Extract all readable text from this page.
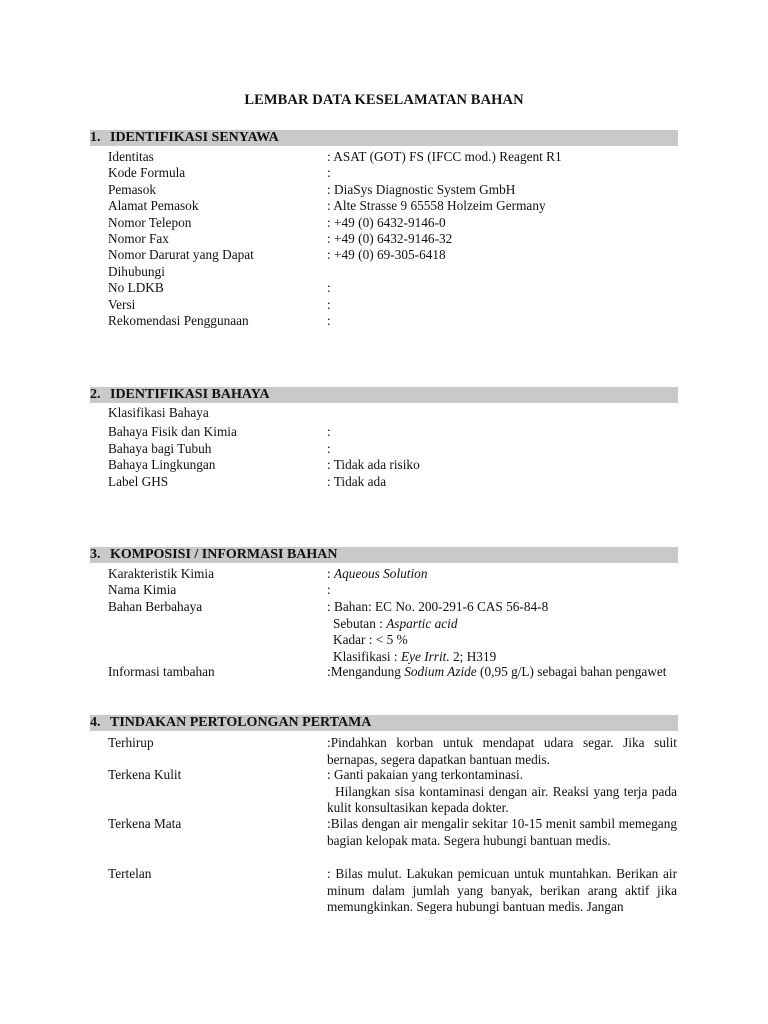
LEMBAR DATA KESELAMATAN BAHAN
1. IDENTIFIKASI SENYAWA
Identitas	: ASAT (GOT) FS (IFCC mod.) Reagent R1
Kode Formula	:
Pemasok	: DiaSys Diagnostic System GmbH
Alamat Pemasok	: Alte Strasse 9 65558 Holzeim Germany
Nomor Telepon	: +49 (0) 6432-9146-0
Nomor Fax	: +49 (0) 6432-9146-32
Nomor Darurat yang Dapat	: +49 (0) 69-305-6418
Dihubungi
No LDKB	:
Versi	:
Rekomendasi Penggunaan	:
2. IDENTIFIKASI BAHAYA
Klasifikasi Bahaya
Bahaya Fisik dan Kimia	:
Bahaya bagi Tubuh	:
Bahaya Lingkungan	: Tidak ada risiko
Label GHS	: Tidak ada
3. KOMPOSISI / INFORMASI BAHAN
Karakteristik Kimia	: Aqueous Solution
Nama Kimia	:
Bahan Berbahaya	: Bahan: EC No. 200-291-6 CAS 56-84-8
Sebutan : Aspartic acid
Kadar : < 5 %
Klasifikasi : Eye Irrit. 2; H319
Informasi tambahan	:Mengandung Sodium Azide (0,95 g/L) sebagai bahan pengawet
4. TINDAKAN PERTOLONGAN PERTAMA
Terhirup	:Pindahkan korban untuk mendapat udara segar. Jika sulit bernapas, segera dapatkan bantuan medis.
Terkena Kulit	: Ganti pakaian yang terkontaminasi.
Hilangkan sisa kontaminasi dengan air. Reaksi yang terja pada kulit konsultasikan kepada dokter.
Terkena Mata	:Bilas dengan air mengalir sekitar 10-15 menit sambil memegang bagian kelopak mata. Segera hubungi bantuan medis.
Tertelan	: Bilas mulut. Lakukan pemicuan untuk muntahkan. Berikan air minum dalam jumlah yang banyak, berikan arang aktif jika memungkinkan. Segera hubungi bantuan medis. Jangan
